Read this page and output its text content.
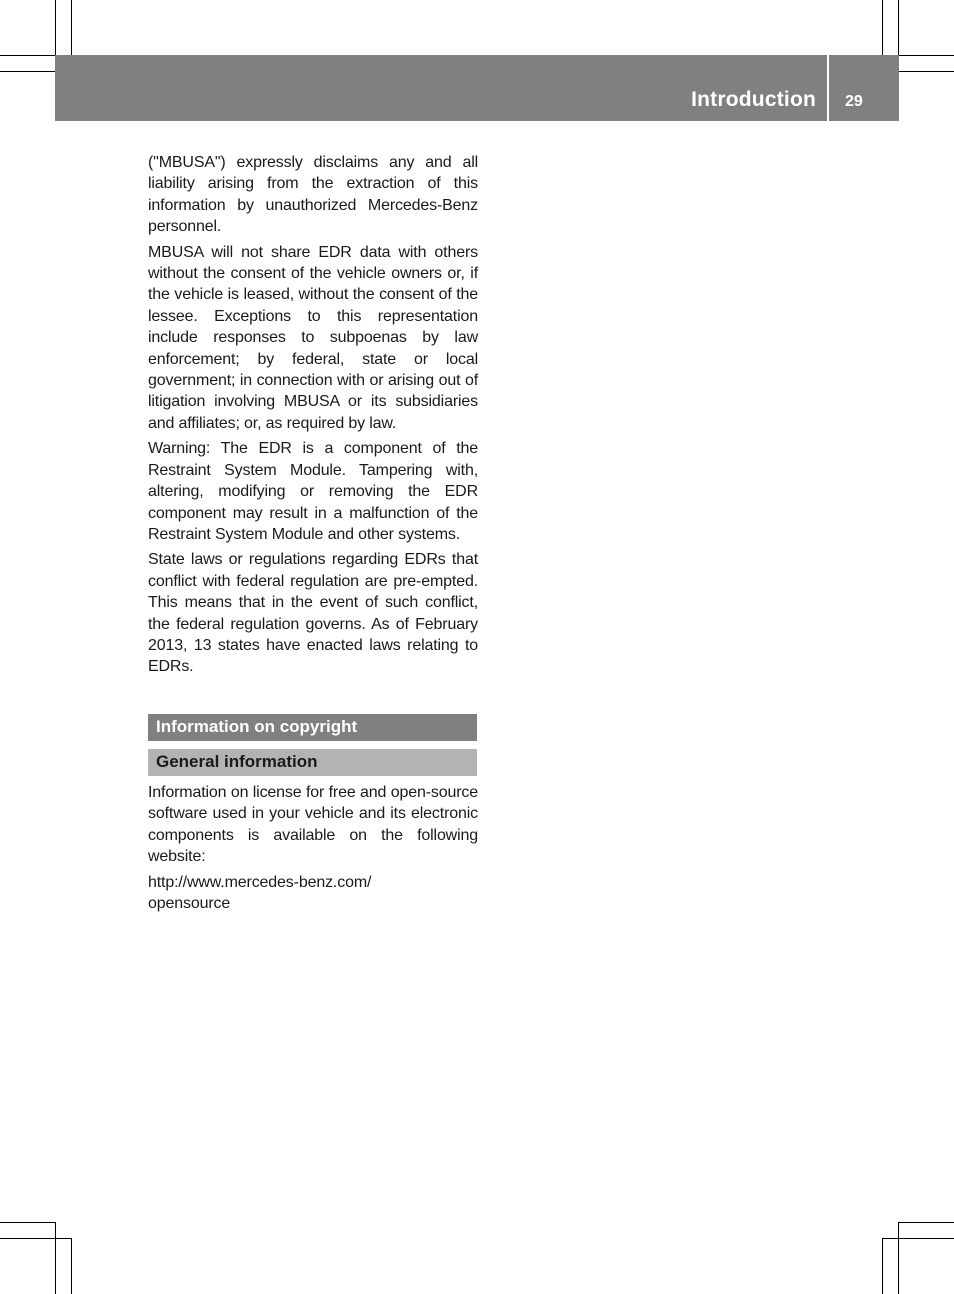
Introduction 29

("MBUSA") expressly disclaims any and all liability arising from the extraction of this information by unauthorized Mercedes-Benz personnel.

MBUSA will not share EDR data with others without the consent of the vehicle owners or, if the vehicle is leased, without the consent of the lessee. Exceptions to this representation include responses to subpoenas by law enforcement; by federal, state or local government; in connection with or arising out of litigation involving MBUSA or its subsidiaries and affiliates; or, as required by law.

Warning: The EDR is a component of the Restraint System Module. Tampering with, altering, modifying or removing the EDR component may result in a malfunction of the Restraint System Module and other systems.

State laws or regulations regarding EDRs that conflict with federal regulation are pre-empted. This means that in the event of such conflict, the federal regulation governs. As of February 2013, 13 states have enacted laws relating to EDRs.

Information on copyright
General information

Information on license for free and open-source software used in your vehicle and its electronic components is available on the following website:

http://www.mercedes-benz.com/
opensource
